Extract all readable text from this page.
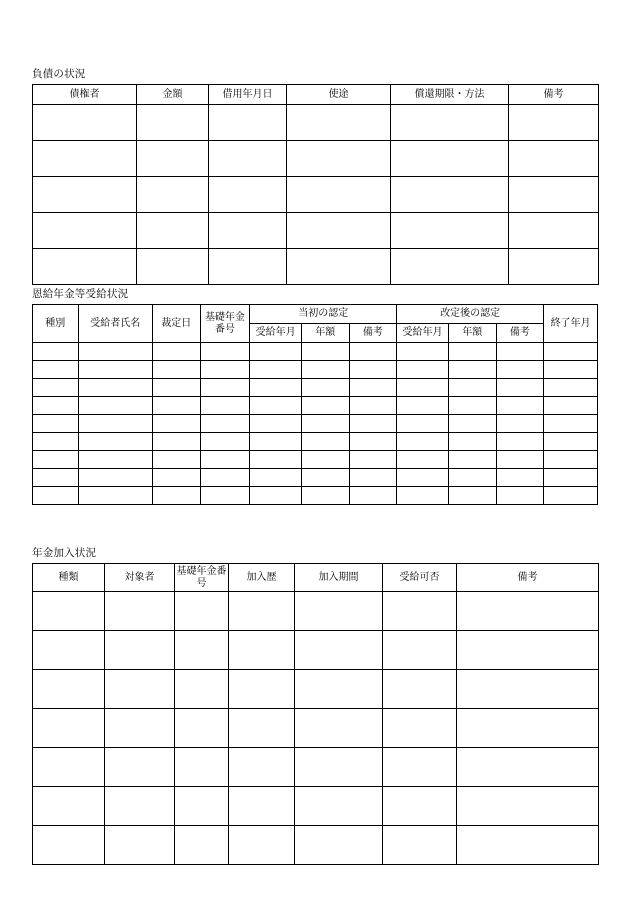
負債の状況
債権者	金額	借用年月日	使途	償還期限・方法	備考

恩給年金等受給状況
種別	受給者氏名	裁定日	基礎年金番号	当初の認定			改定後の認定			終了年月

				受給年月	年額	備考	受給年月	年額	備考	

年金加入状況
種類	対象者	基礎年金番号	加入歴	加入期間	受給可否	備考
